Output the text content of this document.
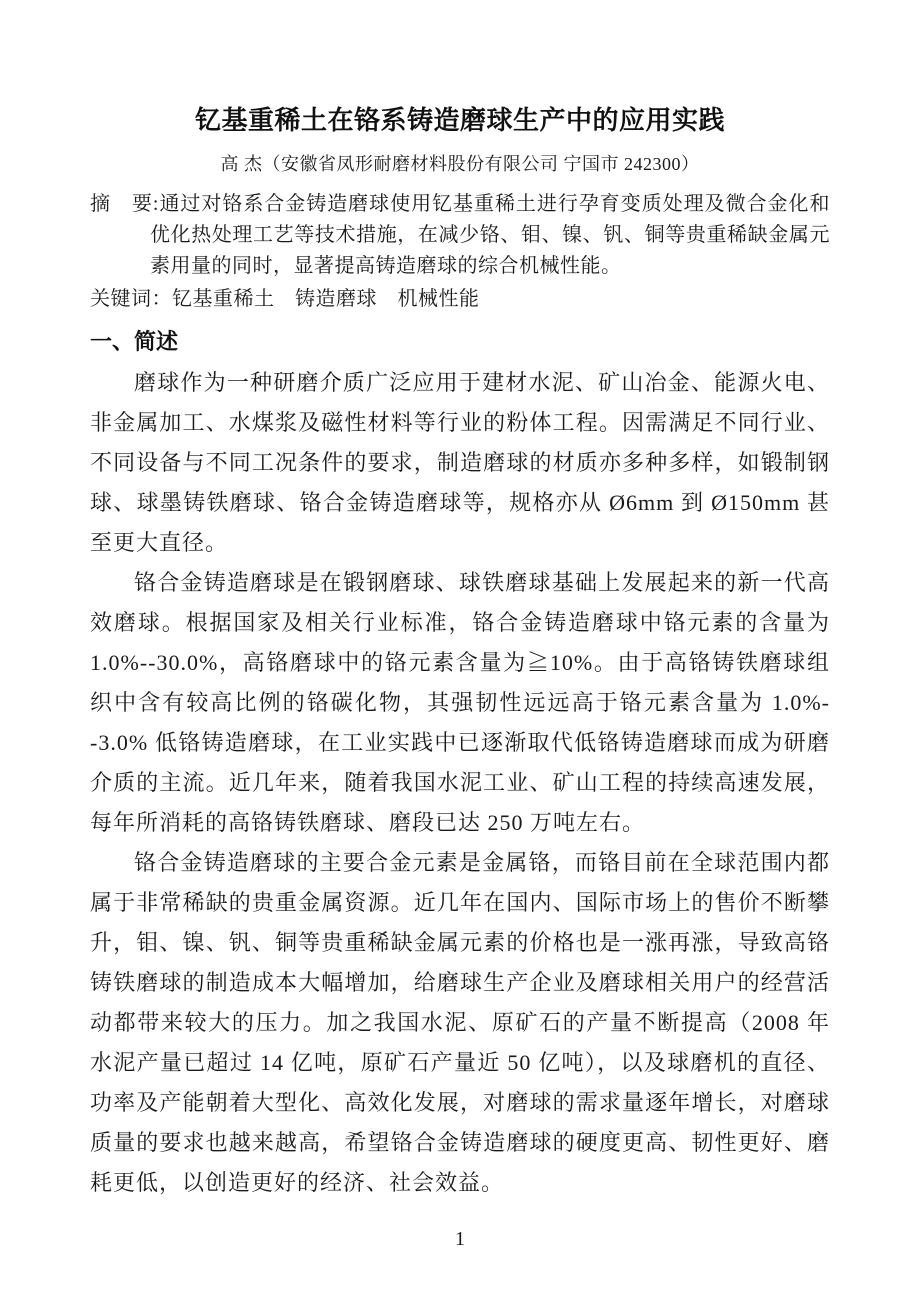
钇基重稀土在铬系铸造磨球生产中的应用实践
高 杰（安徽省凤形耐磨材料股份有限公司 宁国市 242300）
摘　要:通过对铬系合金铸造磨球使用钇基重稀土进行孕育变质处理及微合金化和优化热处理工艺等技术措施，在减少铬、钼、镍、钒、铜等贵重稀缺金属元素用量的同时，显著提高铸造磨球的综合机械性能。
关键词：钇基重稀土　铸造磨球　机械性能
一、简述

磨球作为一种研磨介质广泛应用于建材水泥、矿山冶金、能源火电、非金属加工、水煤浆及磁性材料等行业的粉体工程。因需满足不同行业、不同设备与不同工况条件的要求，制造磨球的材质亦多种多样，如锻制钢球、球墨铸铁磨球、铬合金铸造磨球等，规格亦从 Ø6mm 到 Ø150mm 甚至更大直径。

铬合金铸造磨球是在锻钢磨球、球铁磨球基础上发展起来的新一代高效磨球。根据国家及相关行业标准，铬合金铸造磨球中铬元素的含量为 1.0%--30.0%，高铬磨球中的铬元素含量为≧10%。由于高铬铸铁磨球组织中含有较高比例的铬碳化物，其强韧性远远高于铬元素含量为 1.0%--3.0% 低铬铸造磨球，在工业实践中已逐渐取代低铬铸造磨球而成为研磨介质的主流。近几年来，随着我国水泥工业、矿山工程的持续高速发展，每年所消耗的高铬铸铁磨球、磨段已达 250 万吨左右。

铬合金铸造磨球的主要合金元素是金属铬，而铬目前在全球范围内都属于非常稀缺的贵重金属资源。近几年在国内、国际市场上的售价不断攀升，钼、镍、钒、铜等贵重稀缺金属元素的价格也是一涨再涨，导致高铬铸铁磨球的制造成本大幅增加，给磨球生产企业及磨球相关用户的经营活动都带来较大的压力。加之我国水泥、原矿石的产量不断提高（2008 年水泥产量已超过 14 亿吨，原矿石产量近 50 亿吨），以及球磨机的直径、功率及产能朝着大型化、高效化发展，对磨球的需求量逐年增长，对磨球质量的要求也越来越高，希望铬合金铸造磨球的硬度更高、韧性更好、磨耗更低，以创造更好的经济、社会效益。

1
